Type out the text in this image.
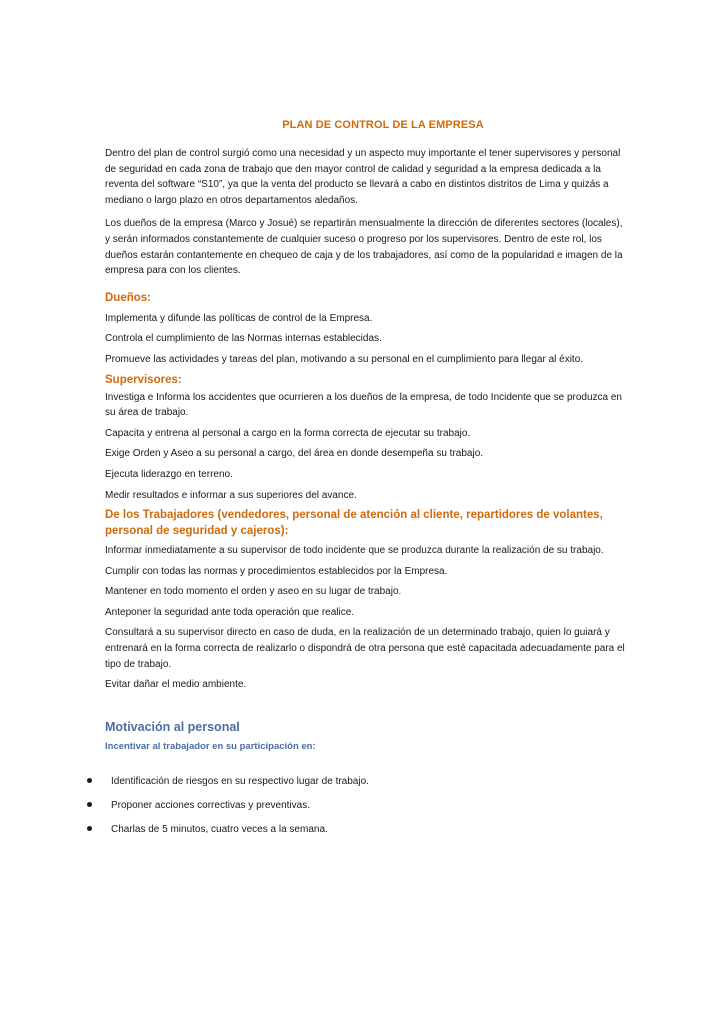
PLAN DE CONTROL DE LA EMPRESA

Dentro del plan de control surgió como una necesidad y un aspecto muy importante el tener supervisores y personal de seguridad en cada zona de trabajo que den mayor control de calidad y seguridad a la empresa dedicada a la reventa del software “S10”, ya que la venta del producto se llevará a cabo en distintos distritos de Lima y quizás a mediano o largo plazo en otros departamentos aledaños.

Los dueños de la empresa (Marco y Josué) se repartirán mensualmente la dirección de diferentes sectores (locales), y serán informados constantemente de cualquier suceso o progreso por los supervisores. Dentro de este rol, los dueños estarán contantemente en chequeo de caja y de los trabajadores, así como de la popularidad e imagen de la empresa para con los clientes.

Dueños:

Implementa y difunde las políticas de control de la Empresa.

Controla el cumplimiento de las Normas internas establecidas.

Promueve las actividades y tareas del plan, motivando a su personal en el cumplimiento para llegar al éxito.

Supervisores:

Investiga e Informa los accidentes que ocurrieren a los dueños de la empresa, de todo Incidente que se produzca en su área de trabajo.

Capacita y entrena al personal a cargo en la forma correcta de ejecutar su trabajo.

Exige Orden y Aseo a su personal a cargo, del área en donde desempeña su trabajo.

Ejecuta liderazgo en terreno.

Medir resultados e informar a sus superiores del avance.

De los Trabajadores (vendedores, personal de atención al cliente, repartidores de volantes, personal de seguridad y cajeros):

Informar inmediatamente a su supervisor de todo incidente que se produzca durante la realización de su trabajo.

Cumplir con todas las normas y procedimientos establecidos por la Empresa.

Mantener en todo momento el orden y aseo en su lugar de trabajo.

Anteponer la seguridad ante toda operación que realice.

Consultará a su supervisor directo en caso de duda, en la realización de un determinado trabajo, quien lo guiará y entrenará en la forma correcta de realizarlo o dispondrá de otra persona que esté capacitada adecuadamente para el tipo de trabajo.

Evitar dañar el medio ambiente.

Motivación al personal
Incentivar al trabajador en su participación en:
Identificación de riesgos en su respectivo lugar de trabajo.
Proponer acciones correctivas y preventivas.
Charlas de 5 minutos, cuatro veces a la semana.
